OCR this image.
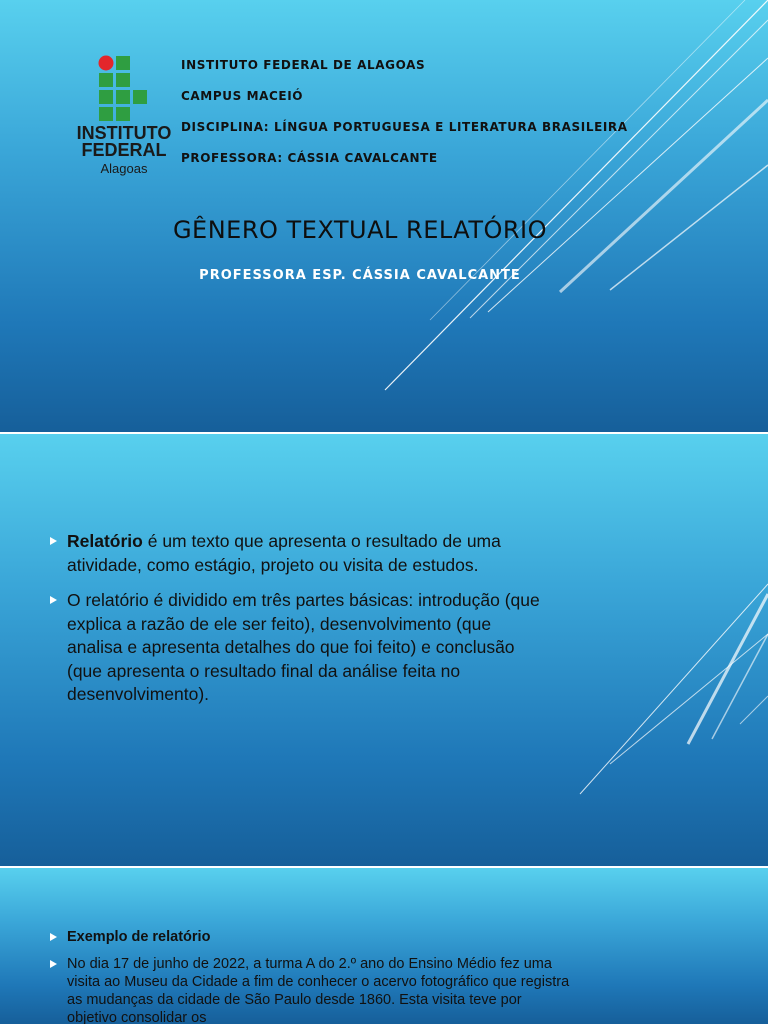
INSTITUTO
FEDERAL
Alagoas
INSTITUTO FEDERAL DE ALAGOAS
CAMPUS MACEIÓ
DISCIPLINA: LÍNGUA PORTUGUESA E LITERATURA BRASILEIRA
PROFESSORA: CÁSSIA CAVALCANTE
GÊNERO TEXTUAL RELATÓRIO
PROFESSORA ESP. CÁSSIA CAVALCANTE
Relatório é um texto que apresenta o resultado de uma atividade, como estágio, projeto ou visita de estudos.
O relatório é dividido em três partes básicas: introdução (que explica a razão de ele ser feito), desenvolvimento (que analisa e apresenta detalhes do que foi feito) e conclusão (que apresenta o resultado final da análise feita no desenvolvimento).
Exemplo de relatório
No dia 17 de junho de 2022, a turma A do 2.º ano do Ensino Médio fez uma visita ao Museu da Cidade a fim de conhecer o acervo fotográfico que registra as mudanças da cidade de São Paulo desde 1860. Esta visita teve por objetivo consolidar os
